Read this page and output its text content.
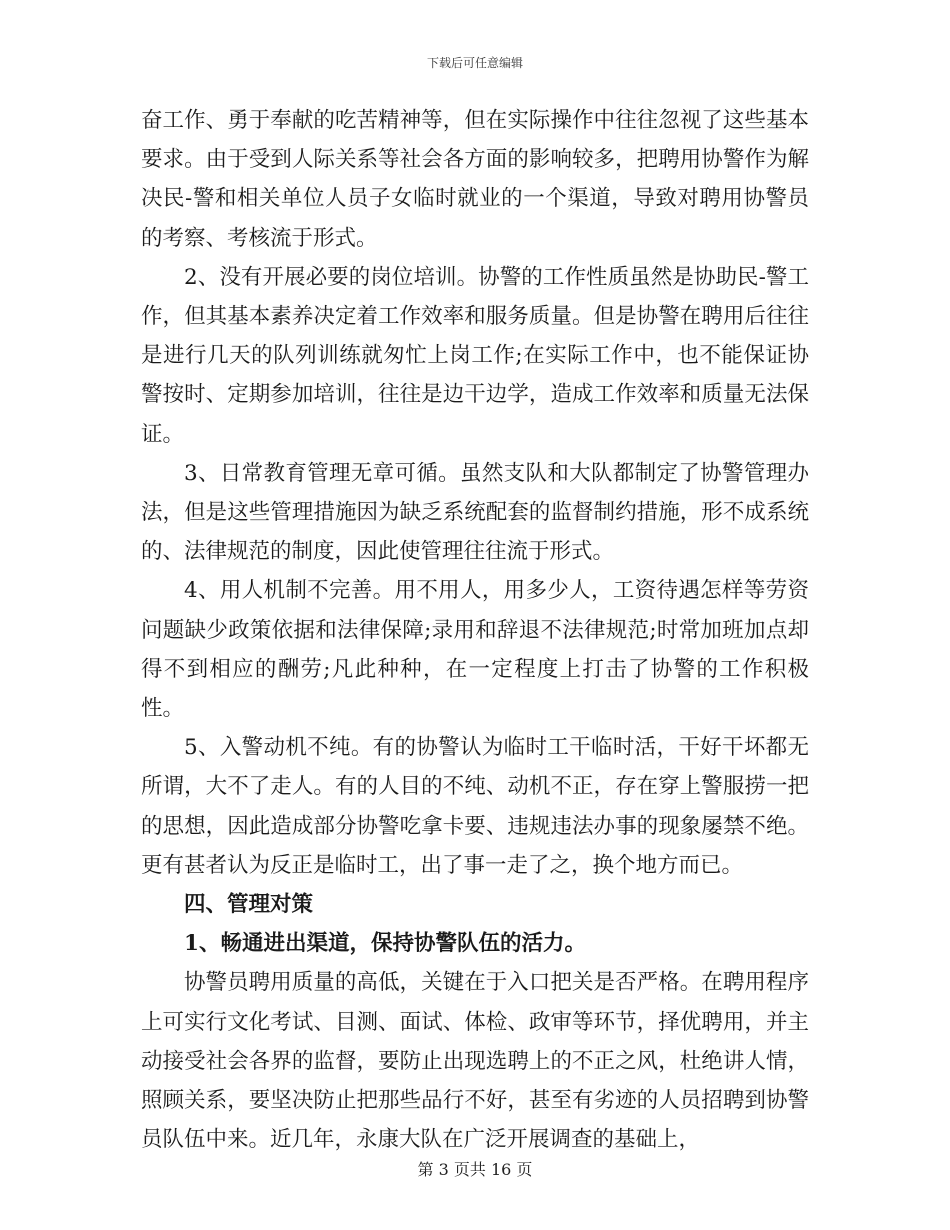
下载后可任意编辑

奋工作、勇于奉献的吃苦精神等，但在实际操作中往往忽视了这些基本要求。由于受到人际关系等社会各方面的影响较多，把聘用协警作为解决民-警和相关单位人员子女临时就业的一个渠道，导致对聘用协警员的考察、考核流于形式。

2、没有开展必要的岗位培训。协警的工作性质虽然是协助民-警工作，但其基本素养决定着工作效率和服务质量。但是协警在聘用后往往是进行几天的队列训练就匆忙上岗工作;在实际工作中，也不能保证协警按时、定期参加培训，往往是边干边学，造成工作效率和质量无法保证。

3、日常教育管理无章可循。虽然支队和大队都制定了协警管理办法，但是这些管理措施因为缺乏系统配套的监督制约措施，形不成系统的、法律规范的制度，因此使管理往往流于形式。

4、用人机制不完善。用不用人，用多少人，工资待遇怎样等劳资问题缺少政策依据和法律保障;录用和辞退不法律规范;时常加班加点却得不到相应的酬劳;凡此种种，在一定程度上打击了协警的工作积极性。

5、入警动机不纯。有的协警认为临时工干临时活，干好干坏都无所谓，大不了走人。有的人目的不纯、动机不正，存在穿上警服捞一把的思想，因此造成部分协警吃拿卡要、违规违法办事的现象屡禁不绝。更有甚者认为反正是临时工，出了事一走了之，换个地方而已。

四、管理对策

1、畅通进出渠道，保持协警队伍的活力。

协警员聘用质量的高低，关键在于入口把关是否严格。在聘用程序上可实行文化考试、目测、面试、体检、政审等环节，择优聘用，并主动接受社会各界的监督，要防止出现选聘上的不正之风，杜绝讲人情，照顾关系，要坚决防止把那些品行不好，甚至有劣迹的人员招聘到协警员队伍中来。近几年，永康大队在广泛开展调查的基础上，

第 3 页共 16 页
